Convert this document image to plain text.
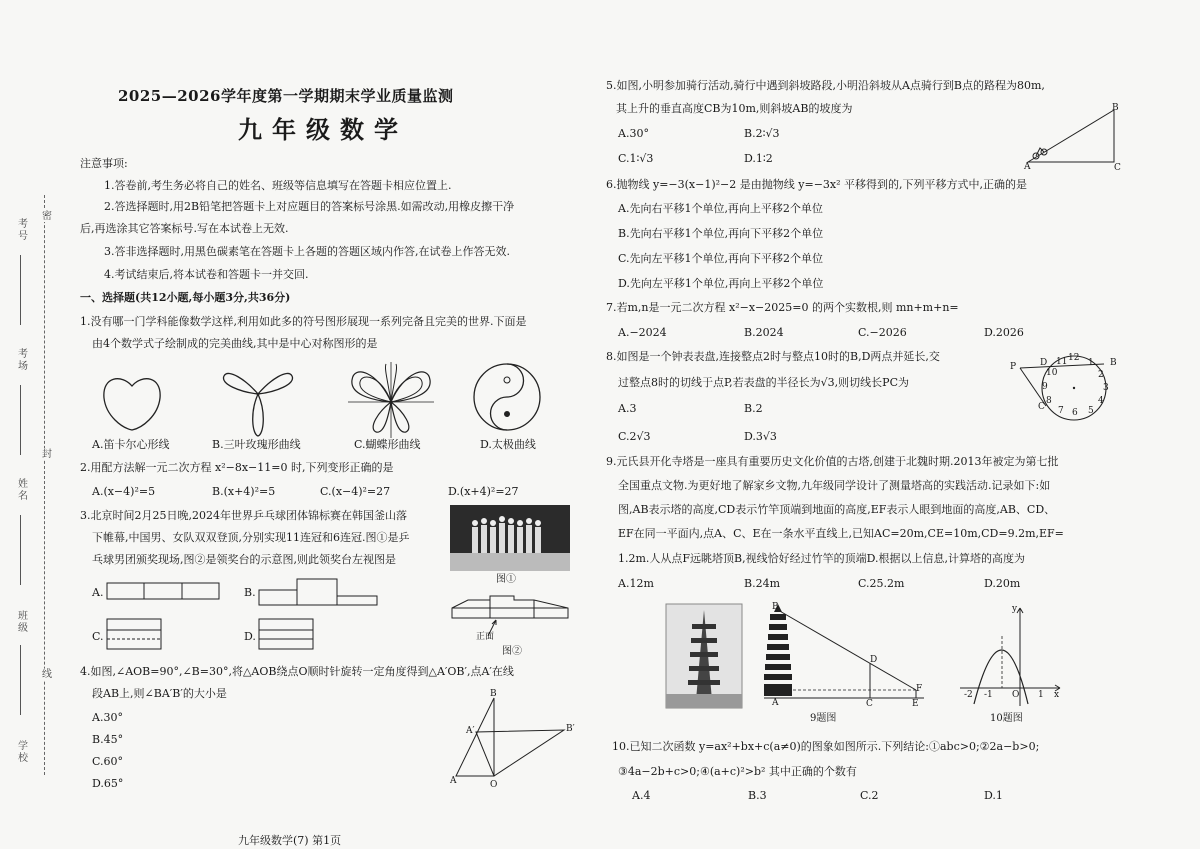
考号
密
考场
姓名
封
班级
线
学校
2025—2026学年度第一学期期末学业质量监测
九年级数学
注意事项:
1.答卷前,考生务必将自己的姓名、班级等信息填写在答题卡相应位置上.
2.答选择题时,用2B铅笔把答题卡上对应题目的答案标号涂黑.如需改动,用橡皮擦干净
后,再选涂其它答案标号.写在本试卷上无效.
3.答非选择题时,用黑色碳素笔在答题卡上各题的答题区域内作答,在试卷上作答无效.
4.考试结束后,将本试卷和答题卡一并交回.
一、选择题(共12小题,每小题3分,共36分)
1.没有哪一门学科能像数学这样,利用如此多的符号图形展现一系列完备且完美的世界.下面是
由4个数学式子绘制成的完美曲线,其中是中心对称图形的是
A.笛卡尔心形线	B.三叶玫瑰形曲线	C.蝴蝶形曲线	D.太极曲线
2.用配方法解一元二次方程 x²−8x−11=0 时,下列变形正确的是
A.(x−4)²=5	B.(x+4)²=5	C.(x−4)²=27	D.(x+4)²=27
3.北京时间2月25日晚,2024年世界乒乓球团体锦标赛在韩国釜山落
下帷幕,中国男、女队双双登顶,分别实现11连冠和6连冠.图①是乒
乓球男团颁奖现场,图②是领奖台的示意图,则此领奖台左视图是
图①
正面
图②
A.	B.
C.	D.
4.如图,∠AOB=90°,∠B=30°,将△AOB绕点O顺时针旋转一定角度得到△A′OB′,点A′在线
段AB上,则∠BA′B′的大小是
A.30°
B.45°
C.60°
D.65°
B
A′	B′
A	O
九年级数学(7) 第1页
5.如图,小明参加骑行活动,骑行中遇到斜坡路段,小明沿斜坡从A点骑行到B点的路程为80m,
其上升的垂直高度CB为10m,则斜坡AB的坡度为
A.30°	B.2∶√3
C.1∶√3	D.1∶2
B
A	C
6.抛物线 y=−3(x−1)²−2 是由抛物线 y=−3x² 平移得到的,下列平移方式中,正确的是
A.先向右平移1个单位,再向上平移2个单位
B.先向右平移1个单位,再向下平移2个单位
C.先向左平移1个单位,再向下平移2个单位
D.先向左平移1个单位,再向上平移2个单位
7.若m,n是一元二次方程 x²−x−2025=0 的两个实数根,则 mn+m+n=
A.−2024	B.2024	C.−2026	D.2026
8.如图是一个钟表表盘,连接整点2时与整点10时的B,D两点并延长,交
过整点8时的切线于点P,若表盘的半径长为√3,则切线长PC为
A.3	B.2
C.2√3	D.3√3
12 1
2
3
4
5
6
7
8
9
10
11
D	B
P
C
9.元氏县开化寺塔是一座具有重要历史文化价值的古塔,创建于北魏时期.2013年被定为第七批
全国重点文物.为更好地了解家乡文物,九年级同学设计了测量塔高的实践活动.记录如下:如
图,AB表示塔的高度,CD表示竹竿顶端到地面的高度,EF表示人眼到地面的高度,AB、CD、
EF在同一平面内,点A、C、E在一条水平直线上,已知AC=20m,CE=10m,CD=9.2m,EF=
1.2m.人从点F远眺塔顶B,视线恰好经过竹竿的顶端D.根据以上信息,计算塔的高度为
A.12m	B.24m	C.25.2m	D.20m
B
D
F
A	C	E
9题图
y
x
O
-2 -1	1
10题图
10.已知二次函数 y=ax²+bx+c(a≠0)的图象如图所示.下列结论:①abc>0;②2a−b>0;
③4a−2b+c>0;④(a+c)²>b² 其中正确的个数有
A.4	B.3	C.2	D.1
